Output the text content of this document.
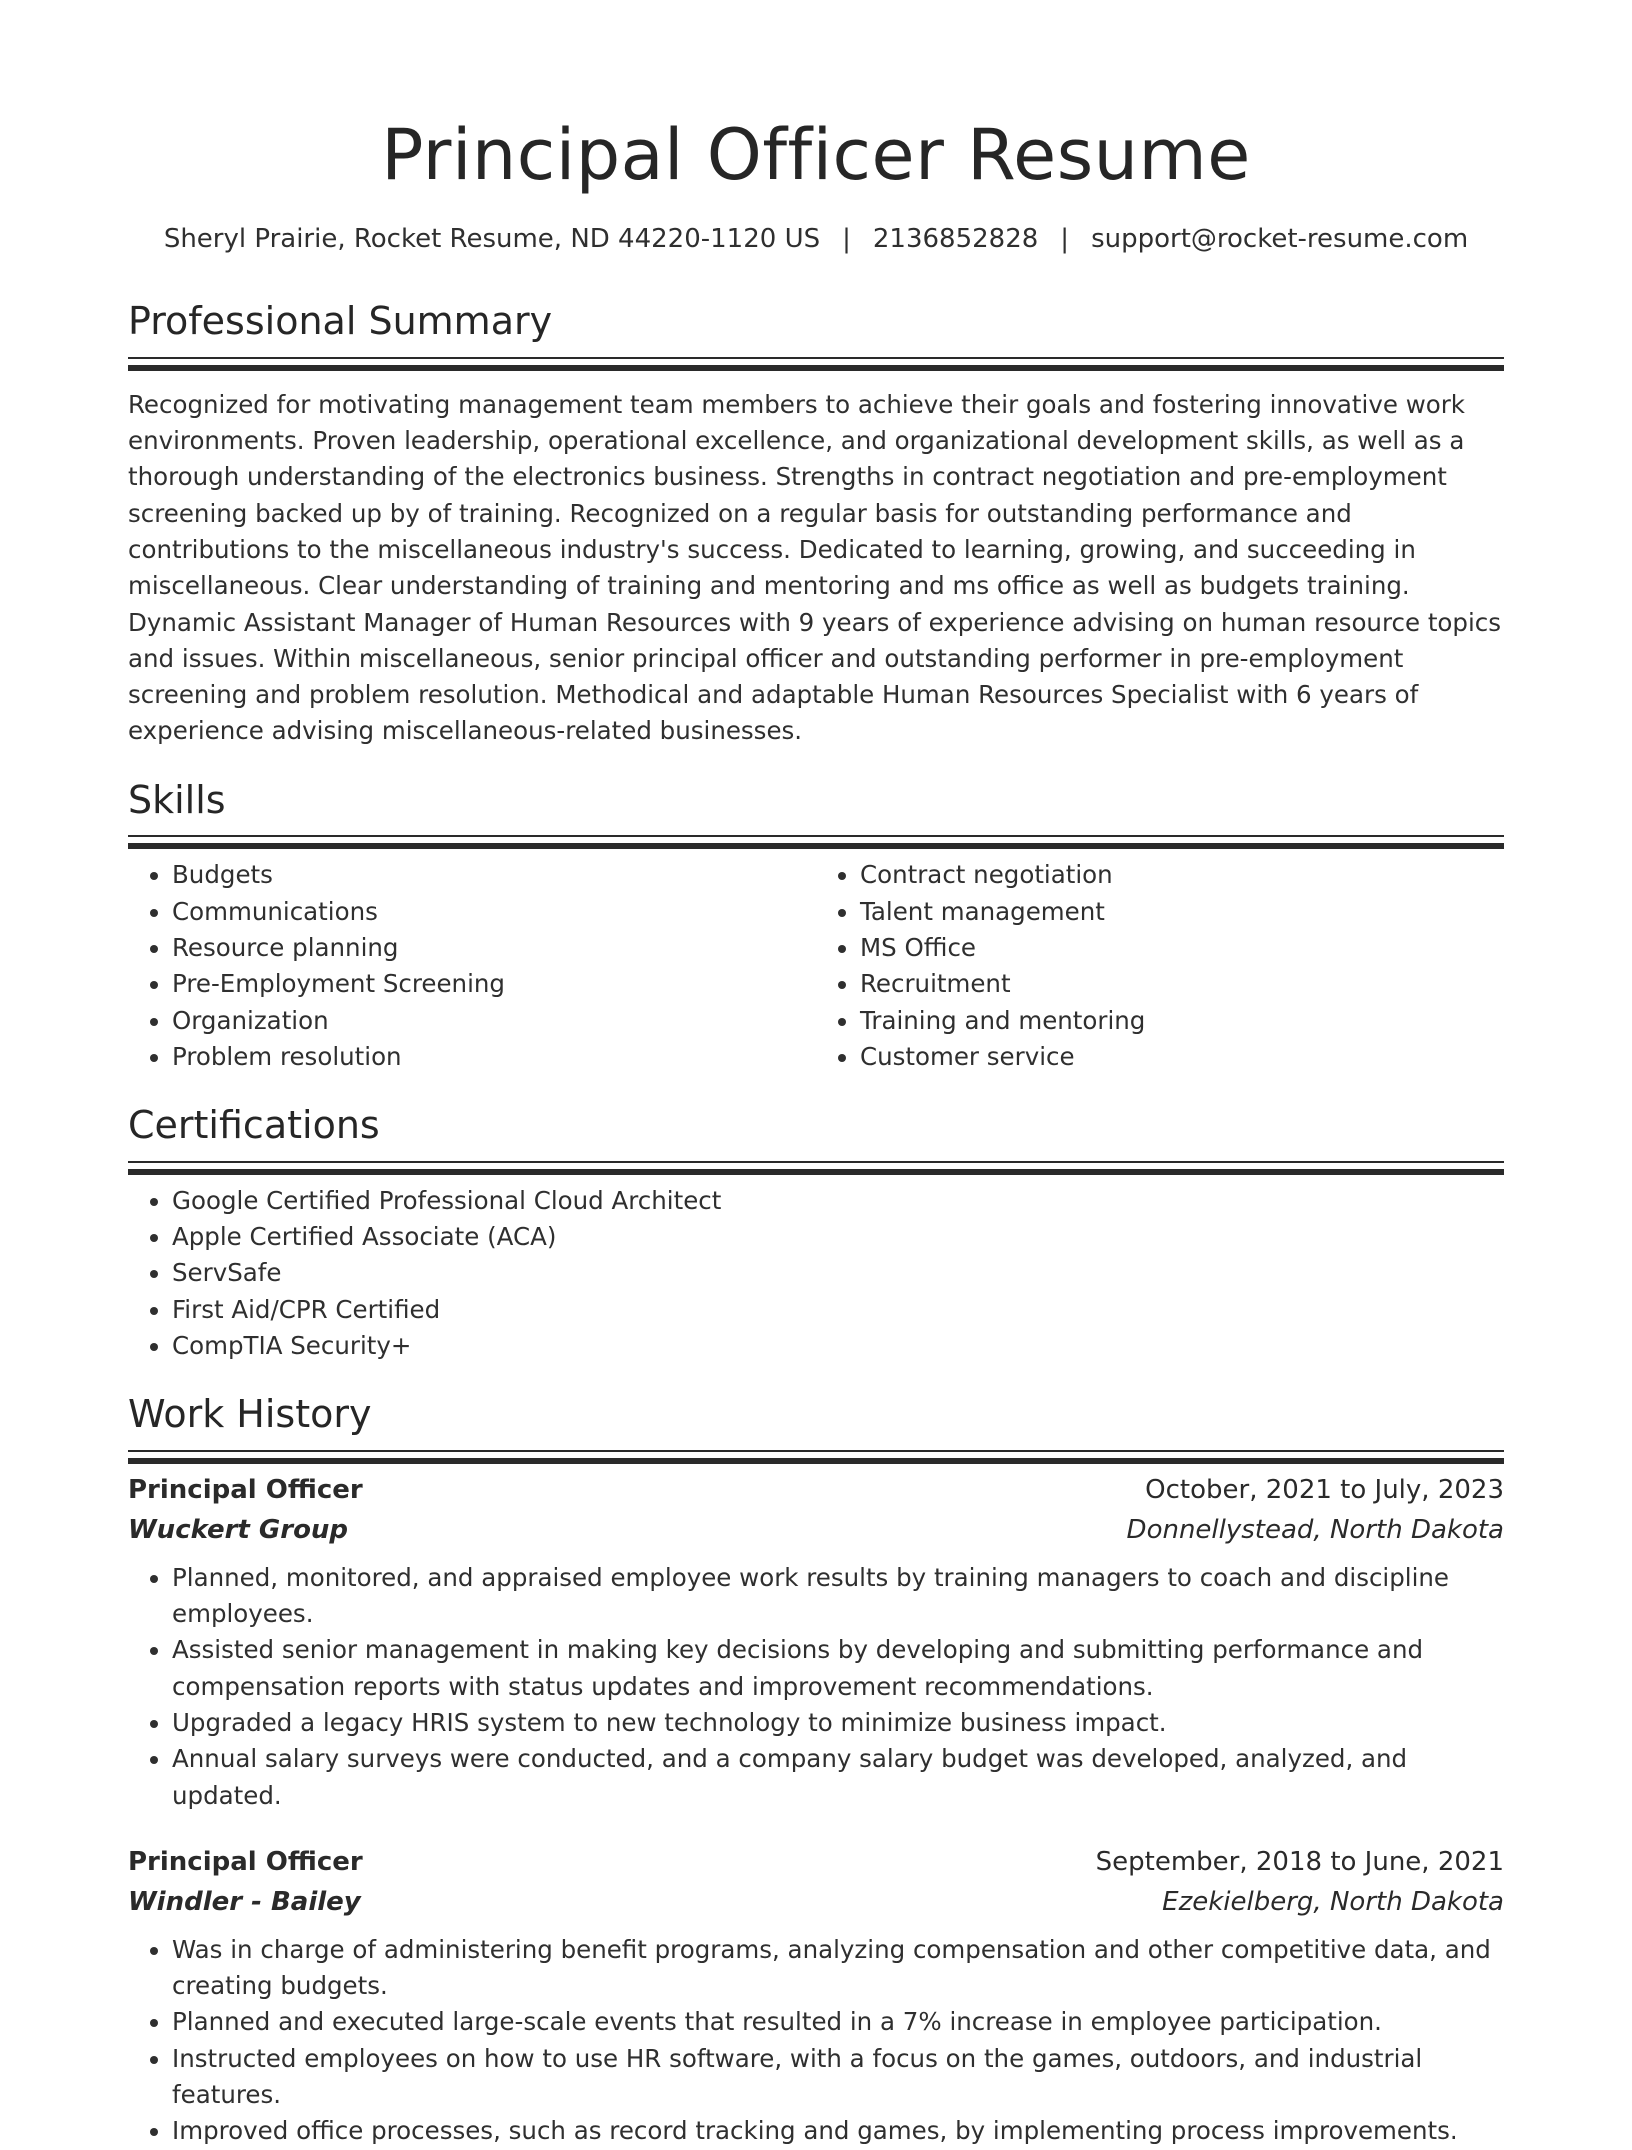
Principal Officer Resume
Sheryl Prairie, Rocket Resume, ND 44220-1120 US | 2136852828 | support@rocket-resume.com
Professional Summary

Recognized for motivating management team members to achieve their goals and fostering innovative work environments. Proven leadership, operational excellence, and organizational development skills, as well as a thorough understanding of the electronics business. Strengths in contract negotiation and pre-employment screening backed up by of training. Recognized on a regular basis for outstanding performance and contributions to the miscellaneous industry's success. Dedicated to learning, growing, and succeeding in miscellaneous. Clear understanding of training and mentoring and ms office as well as budgets training. Dynamic Assistant Manager of Human Resources with 9 years of experience advising on human resource topics and issues. Within miscellaneous, senior principal officer and outstanding performer in pre-employment screening and problem resolution. Methodical and adaptable Human Resources Specialist with 6 years of experience advising miscellaneous-related businesses.

Skills
• Budgets
• Communications
• Resource planning
• Pre-Employment Screening
• Organization
• Problem resolution
• Contract negotiation
• Talent management
• MS Office
• Recruitment
• Training and mentoring
• Customer service
Certifications
• Google Certified Professional Cloud Architect
• Apple Certified Associate (ACA)
• ServSafe
• First Aid/CPR Certified
• CompTIA Security+
Work History
Principal Officer	October, 2021 to July, 2023
Wuckert Group	Donnellystead, North Dakota
• Planned, monitored, and appraised employee work results by training managers to coach and discipline employees.
• Assisted senior management in making key decisions by developing and submitting performance and compensation reports with status updates and improvement recommendations.
• Upgraded a legacy HRIS system to new technology to minimize business impact.
• Annual salary surveys were conducted, and a company salary budget was developed, analyzed, and updated.
Principal Officer	September, 2018 to June, 2021
Windler - Bailey	Ezekielberg, North Dakota
• Was in charge of administering benefit programs, analyzing compensation and other competitive data, and creating budgets.
• Planned and executed large-scale events that resulted in a 7% increase in employee participation.
• Instructed employees on how to use HR software, with a focus on the games, outdoors, and industrial features.
• Improved office processes, such as record tracking and games, by implementing process improvements.
